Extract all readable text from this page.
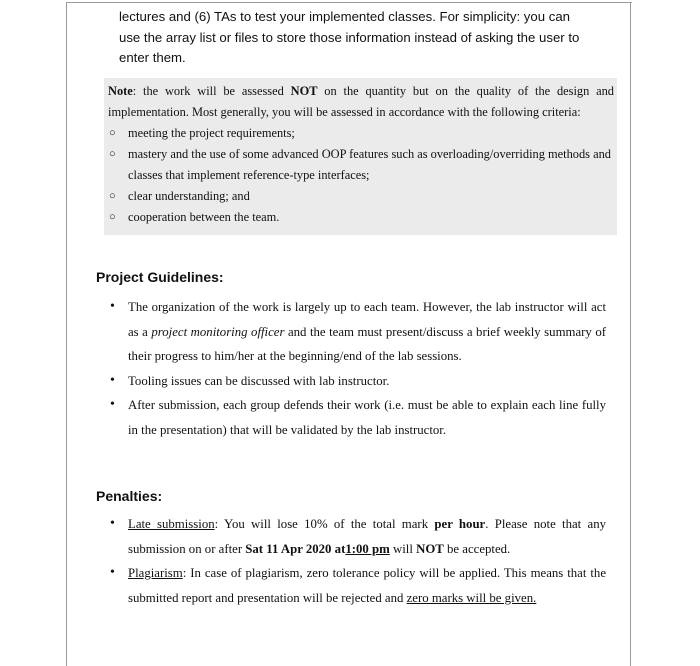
lectures and (6) TAs to test your implemented classes. For simplicity: you can
use the array list or files to store those information instead of asking the user to
enter them.
Note: the work will be assessed NOT on the quantity but on the quality of the design and implementation. Most generally, you will be assessed in accordance with the following criteria:
○ meeting the project requirements;
○ mastery and the use of some advanced OOP features such as overloading/overriding methods and classes that implement reference-type interfaces;
○ clear understanding; and
○ cooperation between the team.
Project Guidelines:
• The organization of the work is largely up to each team. However, the lab instructor will act as a project monitoring officer and the team must present/discuss a brief weekly summary of their progress to him/her at the beginning/end of the lab sessions.
• Tooling issues can be discussed with lab instructor.
• After submission, each group defends their work (i.e. must be able to explain each line fully in the presentation) that will be validated by the lab instructor.
Penalties:
• Late submission: You will lose 10% of the total mark per hour. Please note that any submission on or after Sat 11 Apr 2020 at1:00 pm will NOT be accepted.
• Plagiarism: In case of plagiarism, zero tolerance policy will be applied. This means that the submitted report and presentation will be rejected and zero marks will be given.
